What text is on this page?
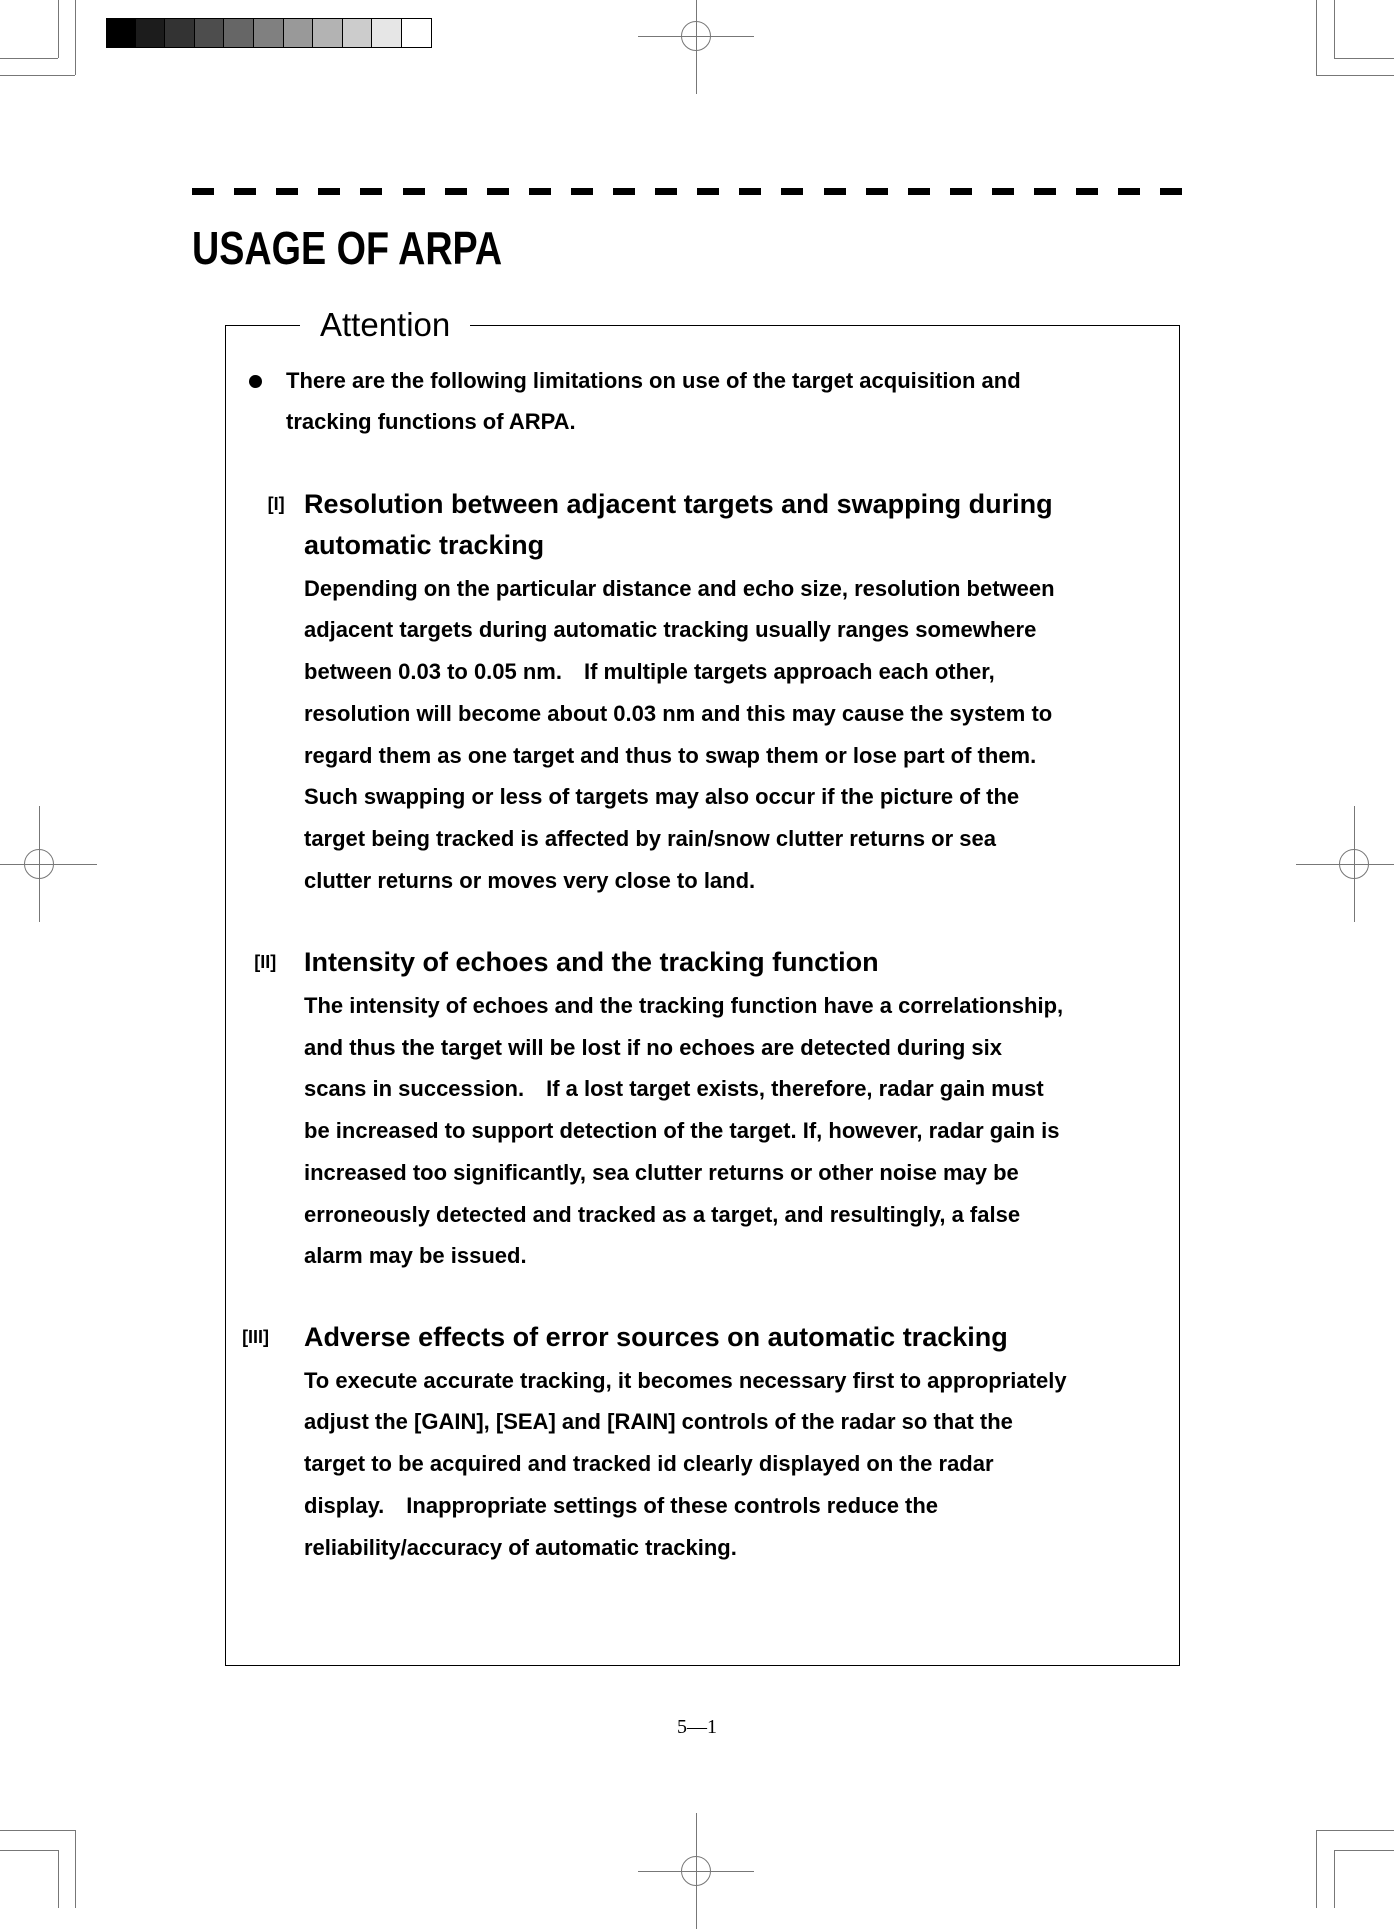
USAGE OF ARPA
Attention
There are the following limitations on use of the target acquisition and
tracking functions of ARPA.
[I] Resolution between adjacent targets and swapping during
automatic tracking
Depending on the particular distance and echo size, resolution between
adjacent targets during automatic tracking usually ranges somewhere
between 0.03 to 0.05 nm.　If multiple targets approach each other,
resolution will become about 0.03 nm and this may cause the system to
regard them as one target and thus to swap them or lose part of them.
Such swapping or less of targets may also occur if the picture of the
target being tracked is affected by rain/snow clutter returns or sea
clutter returns or moves very close to land.
[II] Intensity of echoes and the tracking function
The intensity of echoes and the tracking function have a correlationship,
and thus the target will be lost if no echoes are detected during six
scans in succession.　If a lost target exists, therefore, radar gain must
be increased to support detection of the target. If, however, radar gain is
increased too significantly, sea clutter returns or other noise may be
erroneously detected and tracked as a target, and resultingly, a false
alarm may be issued.
[III] Adverse effects of error sources on automatic tracking
To execute accurate tracking, it becomes necessary first to appropriately
adjust the [GAIN], [SEA] and [RAIN] controls of the radar so that the
target to be acquired and tracked id clearly displayed on the radar
display.　Inappropriate settings of these controls reduce the
reliability/accuracy of automatic tracking.
5—1
